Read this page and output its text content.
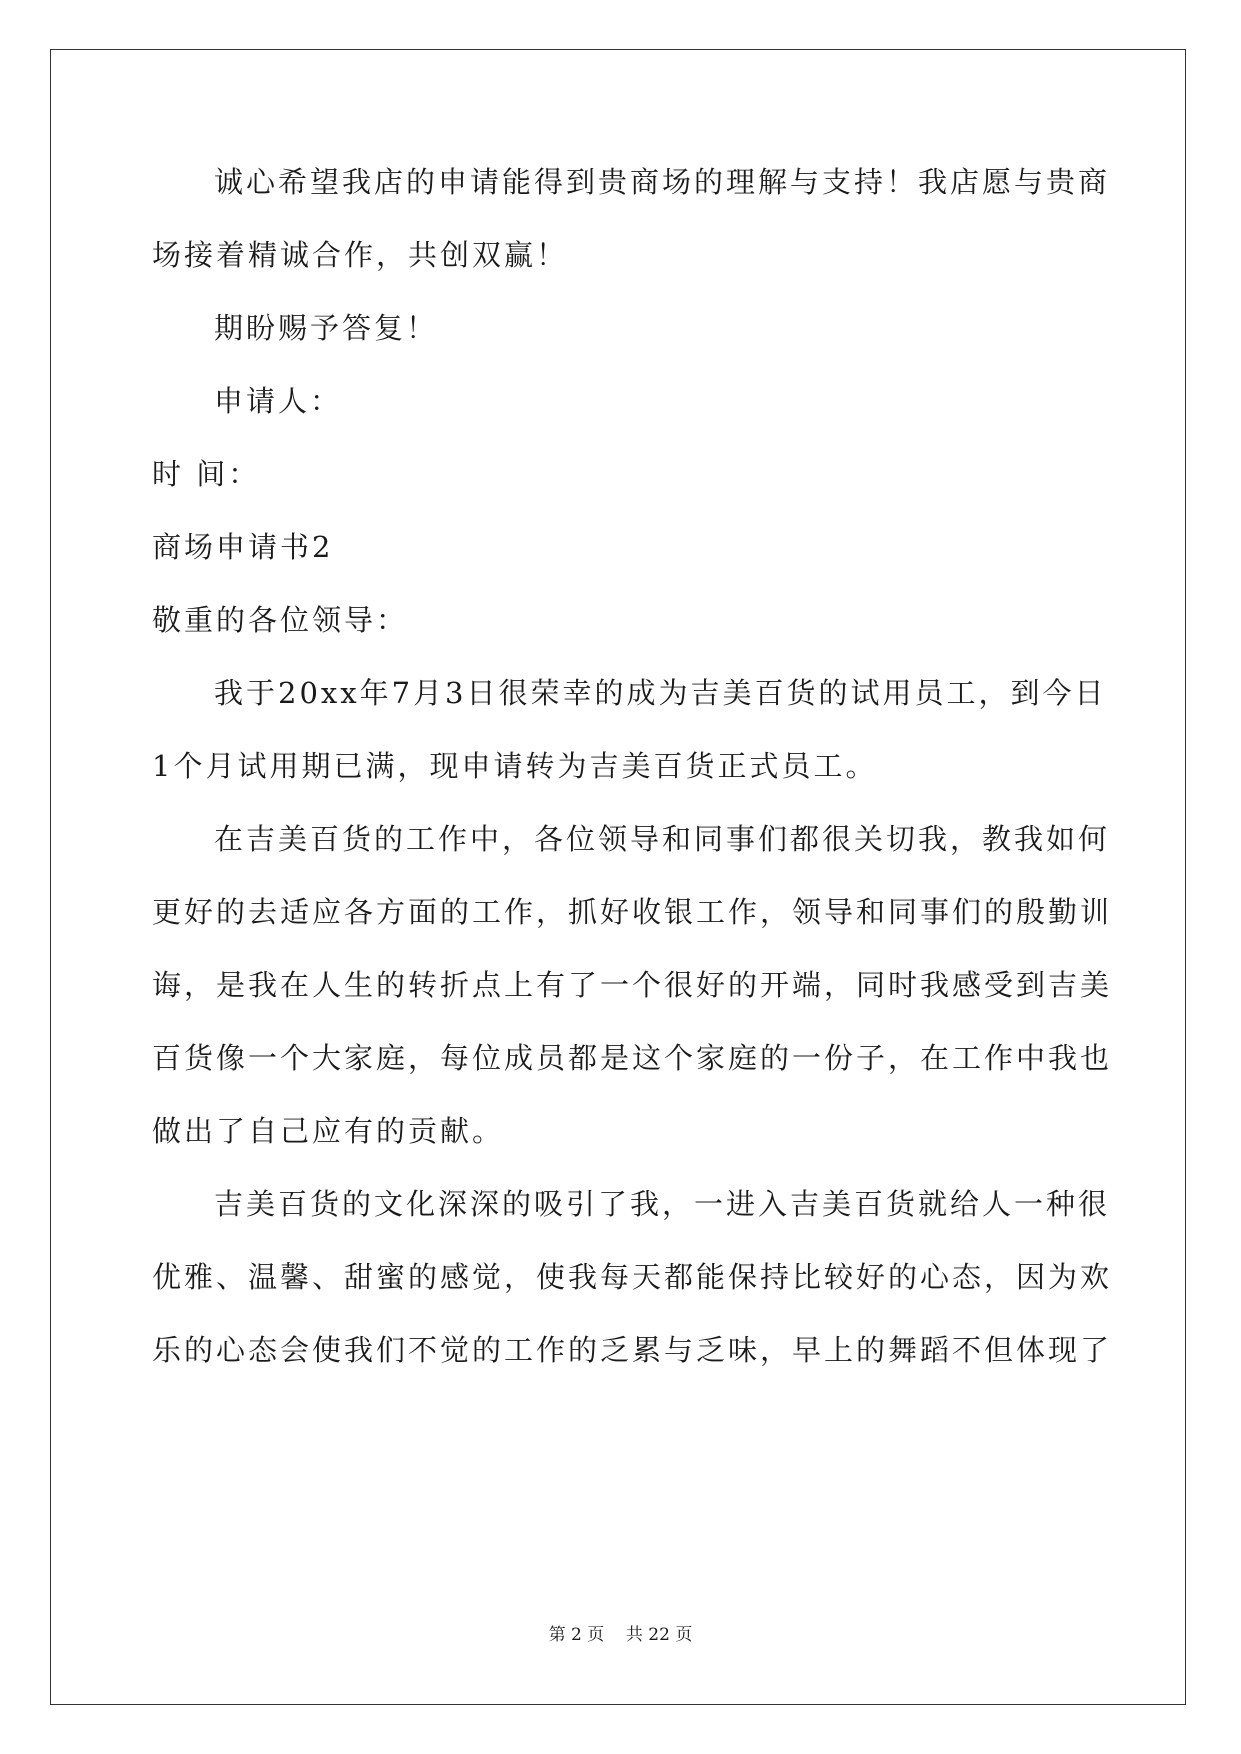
诚心希望我店的申请能得到贵商场的理解与支持！我店愿与贵商
场接着精诚合作，共创双赢！
期盼赐予答复！
申请人：
时 间：
商场申请书2
敬重的各位领导：
我于20xx年7月3日很荣幸的成为吉美百货的试用员工，到今日
1个月试用期已满，现申请转为吉美百货正式员工。
在吉美百货的工作中，各位领导和同事们都很关切我，教我如何
更好的去适应各方面的工作，抓好收银工作，领导和同事们的殷勤训
诲，是我在人生的转折点上有了一个很好的开端，同时我感受到吉美
百货像一个大家庭，每位成员都是这个家庭的一份子，在工作中我也
做出了自己应有的贡献。
吉美百货的文化深深的吸引了我，一进入吉美百货就给人一种很
优雅、温馨、甜蜜的感觉，使我每天都能保持比较好的心态，因为欢
乐的心态会使我们不觉的工作的乏累与乏味，早上的舞蹈不但体现了
第 2 页    共 22 页
